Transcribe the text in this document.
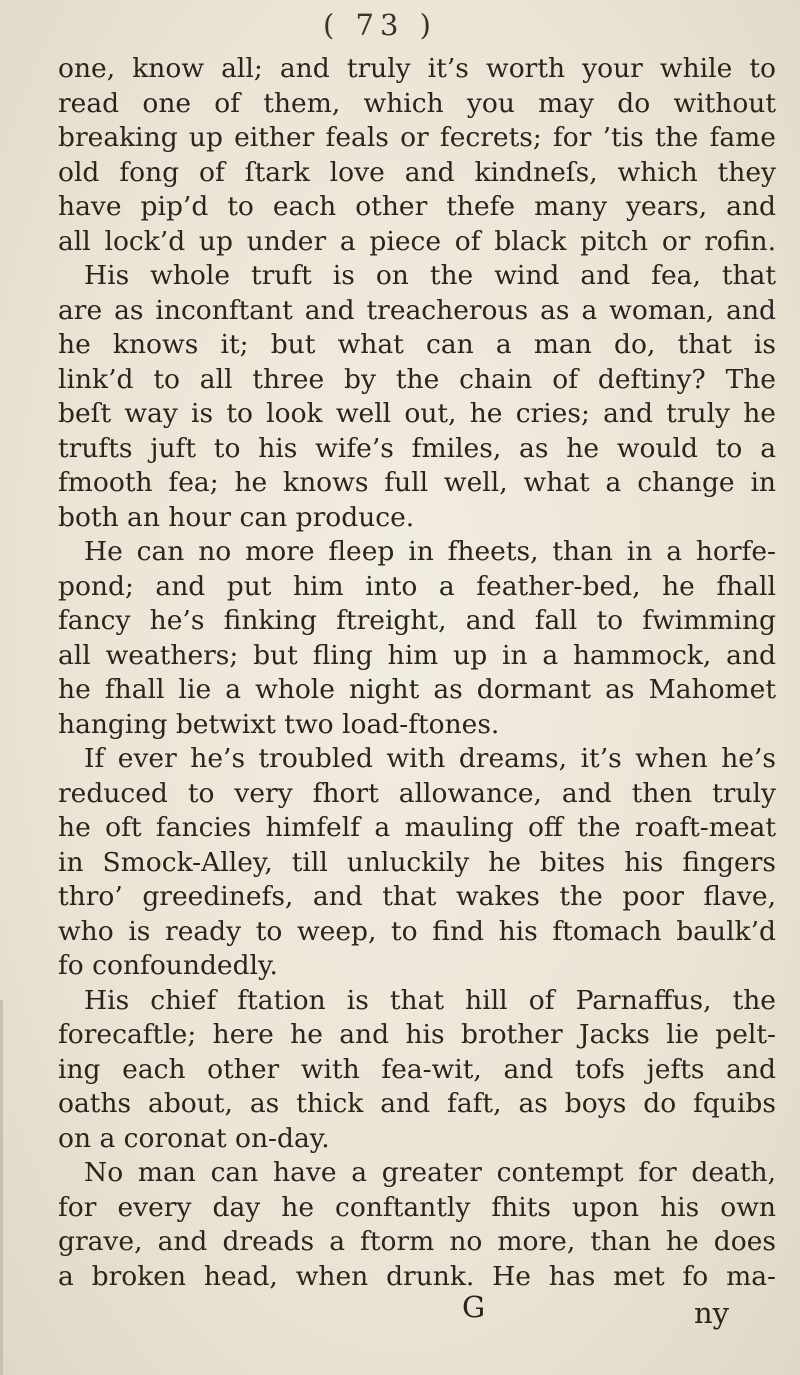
( 73 )
one, know all; and truly it’s worth your while to
read one of them, which you may do without
breaking up either feals or fecrets; for ’tis the fame
old fong of ſtark love and kindneſs, which they
have pip’d to each other thefe many years, and
all lock’d up under a piece of black pitch or rofin.
His whole truft is on the wind and fea, that
are as inconftant and treacherous as a woman, and
he knows it; but what can a man do, that is
link’d to all three by the chain of deftiny? The
beſt way is to look well out, he cries; and truly he
trufts juft to his wife’s fmiles, as he would to a
fmooth fea; he knows full well, what a change in
both an hour can produce.
He can no more fleep in fheets, than in a horfe-
pond; and put him into a feather-bed, he fhall
fancy he’s finking ftreight, and fall to fwimming
all weathers; but fling him up in a hammock, and
he fhall lie a whole night as dormant as Mahomet
hanging betwixt two load-ftones.
If ever he’s troubled with dreams, it’s when he’s
reduced to very fhort allowance, and then truly
he oft fancies himfelf a mauling off the roaft-meat
in Smock-Alley, till unluckily he bites his fingers
thro’ greedinefs, and that wakes the poor flave,
who is ready to weep, to find his ftomach baulk’d
fo confoundedly.
His chief ftation is that hill of Parnaffus, the
forecaftle; here he and his brother Jacks lie pelt-
ing each other with fea-wit, and tofs jefts and
oaths about, as thick and faft, as boys do fquibs
on a coronat on-day.
No man can have a greater contempt for death,
for every day he conftantly fhits upon his own
grave, and dreads a ftorm no more, than he does
a broken head, when drunk. He has met fo ma-
G	ny
